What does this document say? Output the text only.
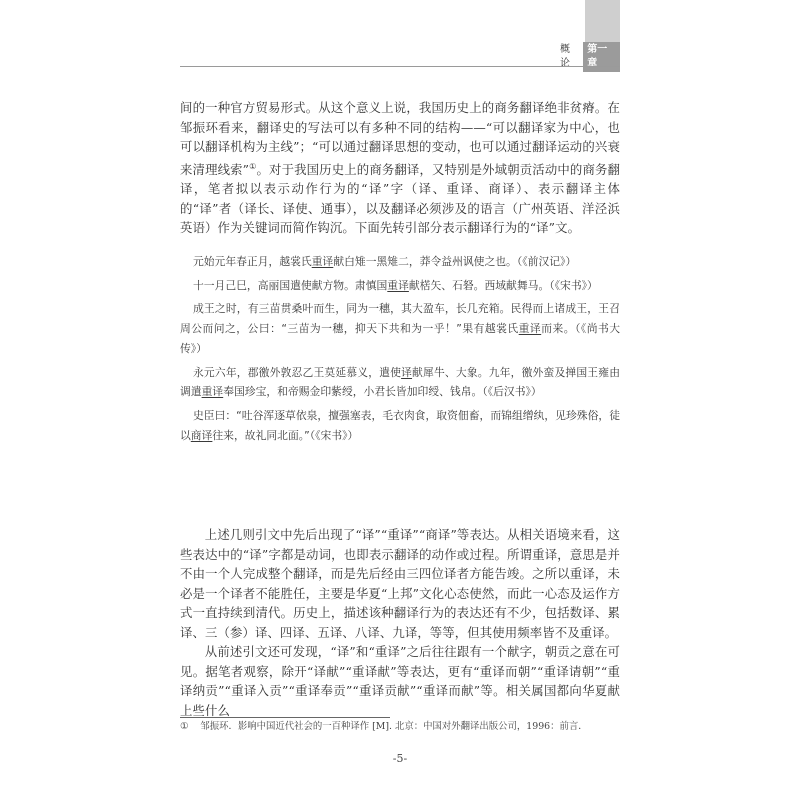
概论
第一章
间的一种官方贸易形式。从这个意义上说，我国历史上的商务翻译绝非贫瘠。在邹振环看来，翻译史的写法可以有多种不同的结构——“可以翻译家为中心，也可以翻译机构为主线”；“可以通过翻译思想的变动，也可以通过翻译运动的兴衰来清理线索”①。对于我国历史上的商务翻译，又特别是外域朝贡活动中的商务翻译，笔者拟以表示动作行为的“译”字（译、重译、商译）、表示翻译主体的“译”者（译长、译使、通事），以及翻译必须涉及的语言（广州英语、洋泾浜英语）作为关键词而简作钩沉。下面先转引部分表示翻译行为的“译”文。

元始元年春正月，越裳氏重译献白雉一黑雉二，莽令益州讽使之也。（《前汉记》）

十一月己巳，高丽国遣使献方物。肃慎国重译献楛矢、石砮。西域献舞马。（《宋书》）

成王之时，有三苗贯桑叶而生，同为一穗，其大盈车，长几充箱。民得而上诸成王，王召周公而问之，公曰：“三苗为一穗，抑天下共和为一乎！”果有越裳氏重译而来。（《尚书大传》）

永元六年，郡徼外敦忍乙王莫延慕义，遣使译献犀牛、大象。九年，徼外蛮及掸国王雍由调遣重译奉国珍宝，和帝赐金印紫绶，小君长皆加印绶、钱帛。（《后汉书》）

史臣曰：“吐谷浑逐草依泉，擅强塞表，毛衣肉食，取资佃畜，而锦组缯纨，见珍殊俗，徒以商译往来，故礼同北面。”（《宋书》）

上述几则引文中先后出现了“译”“重译”“商译”等表达。从相关语境来看，这些表达中的“译”字都是动词，也即表示翻译的动作或过程。所谓重译，意思是并不由一个人完成整个翻译，而是先后经由三四位译者方能告竣。之所以重译，未必是一个译者不能胜任，主要是华夏“上邦”文化心态使然，而此一心态及运作方式一直持续到清代。历史上，描述该种翻译行为的表达还有不少，包括数译、累译、三（参）译、四译、五译、八译、九译，等等，但其使用频率皆不及重译。

从前述引文还可发现，“译”和“重译”之后往往跟有一个献字，朝贡之意在可见。据笔者观察，除开“译献”“重译献”等表达，更有“重译而朝”“重译请朝”“重译纳贡”“重译入贡”“重译奉贡”“重译贡献”“重译而献”等。相关属国都向华夏献上些什么

① 邹振环．影响中国近代社会的一百种译作 [M]. 北京：中国对外翻译出版公司，1996：前言．
-5-
